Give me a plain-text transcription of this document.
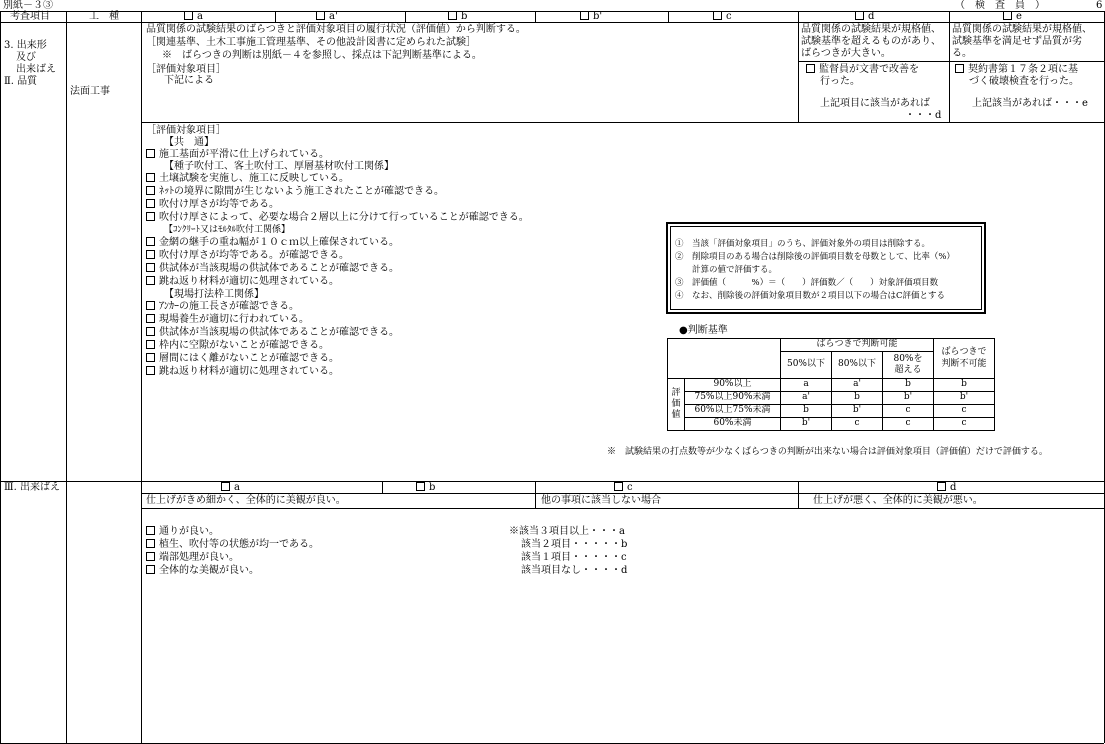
別紙－３③	（　検　査　員　）	6
考査項目	工　種	a	a'	b	b'	c	d	e
3. 出来形
及び
出来ばえ
Ⅱ. 品質
法面工事
品質関係の試験結果のばらつきと評価対象項目の履行状況（評価値）から判断する。
［関連基準、土木工事施工管理基準、その他設計図書に定められた試験］
※　ばらつきの判断は別紙－４を参照し、採点は下記判断基準による。
［評価対象項目］
下記による
品質関係の試験結果が規格値、
試験基準を超えるものがあり、
ばらつきが大きい。
監督員が文書で改善を
行った。
上記項目に該当があれば
・・・d
品質関係の試験結果が規格値、
試験基準を満足せず品質が劣
る。
契約書第１７条２項に基
づく破壊検査を行った。
上記該当があれば・・・e
［評価対象項目］
【共　通】
施工基面が平滑に仕上げられている。
【種子吹付工、客土吹付工、厚層基材吹付工関係】
土壌試験を実施し、施工に反映している。
ﾈｯﾄの境界に隙間が生じないよう施工されたことが確認できる。
吹付け厚さが均等である。
吹付け厚さによって、必要な場合２層以上に分けて行っていることが確認できる。
【ｺﾝｸﾘｰﾄ又はﾓﾙﾀﾙ吹付工関係】
金網の継手の重ね幅が１０ｃｍ以上確保されている。
吹付け厚さが均等である。が確認できる。
供試体が当該現場の供試体であることが確認できる。
跳ね返り材料が適切に処理されている。
【現場打法枠工関係】
ｱﾝｶｰの施工長さが確認できる。
現場養生が適切に行われている。
供試体が当該現場の供試体であることが確認できる。
枠内に空隙がないことが確認できる。
層間にはく離がないことが確認できる。
跳ね返り材料が適切に処理されている。
①　当該「評価対象項目」のうち、評価対象外の項目は削除する。
②　削除項目のある場合は削除後の評価項目数を母数として、比率（%）
　　計算の値で評価する。
③　評価値（　　　%）＝（　　）評価数／（　　）対象評価項目数
④　なお、削除後の評価対象項目数が２項目以下の場合はC評価とする
●判断基準
		ばらつきで判断可能			ばらつきで
判断不可能
		50%以下	80%以下	80%を
超える	
評
価
値	90%以上	a	a'	b	b
	75%以上90%未満	a'	b	b'	b'
	60%以上75%未満	b	b'	c	c
	60%未満	b'	c	c	c
※　試験結果の打点数等が少なくばらつきの判断が出来ない場合は評価対象項目（評価値）だけで評価する。
Ⅲ. 出来ばえ	a	b	c	d
仕上げがきめ細かく、全体的に美観が良い。	他の事項に該当しない場合	仕上げが悪く、全体的に美観が悪い。
通りが良い。
植生、吹付等の状態が均一である。
端部処理が良い。
全体的な美観が良い。
※該当３項目以上・・・a
該当２項目・・・・・b
該当１項目・・・・・c
該当項目なし・・・・d
